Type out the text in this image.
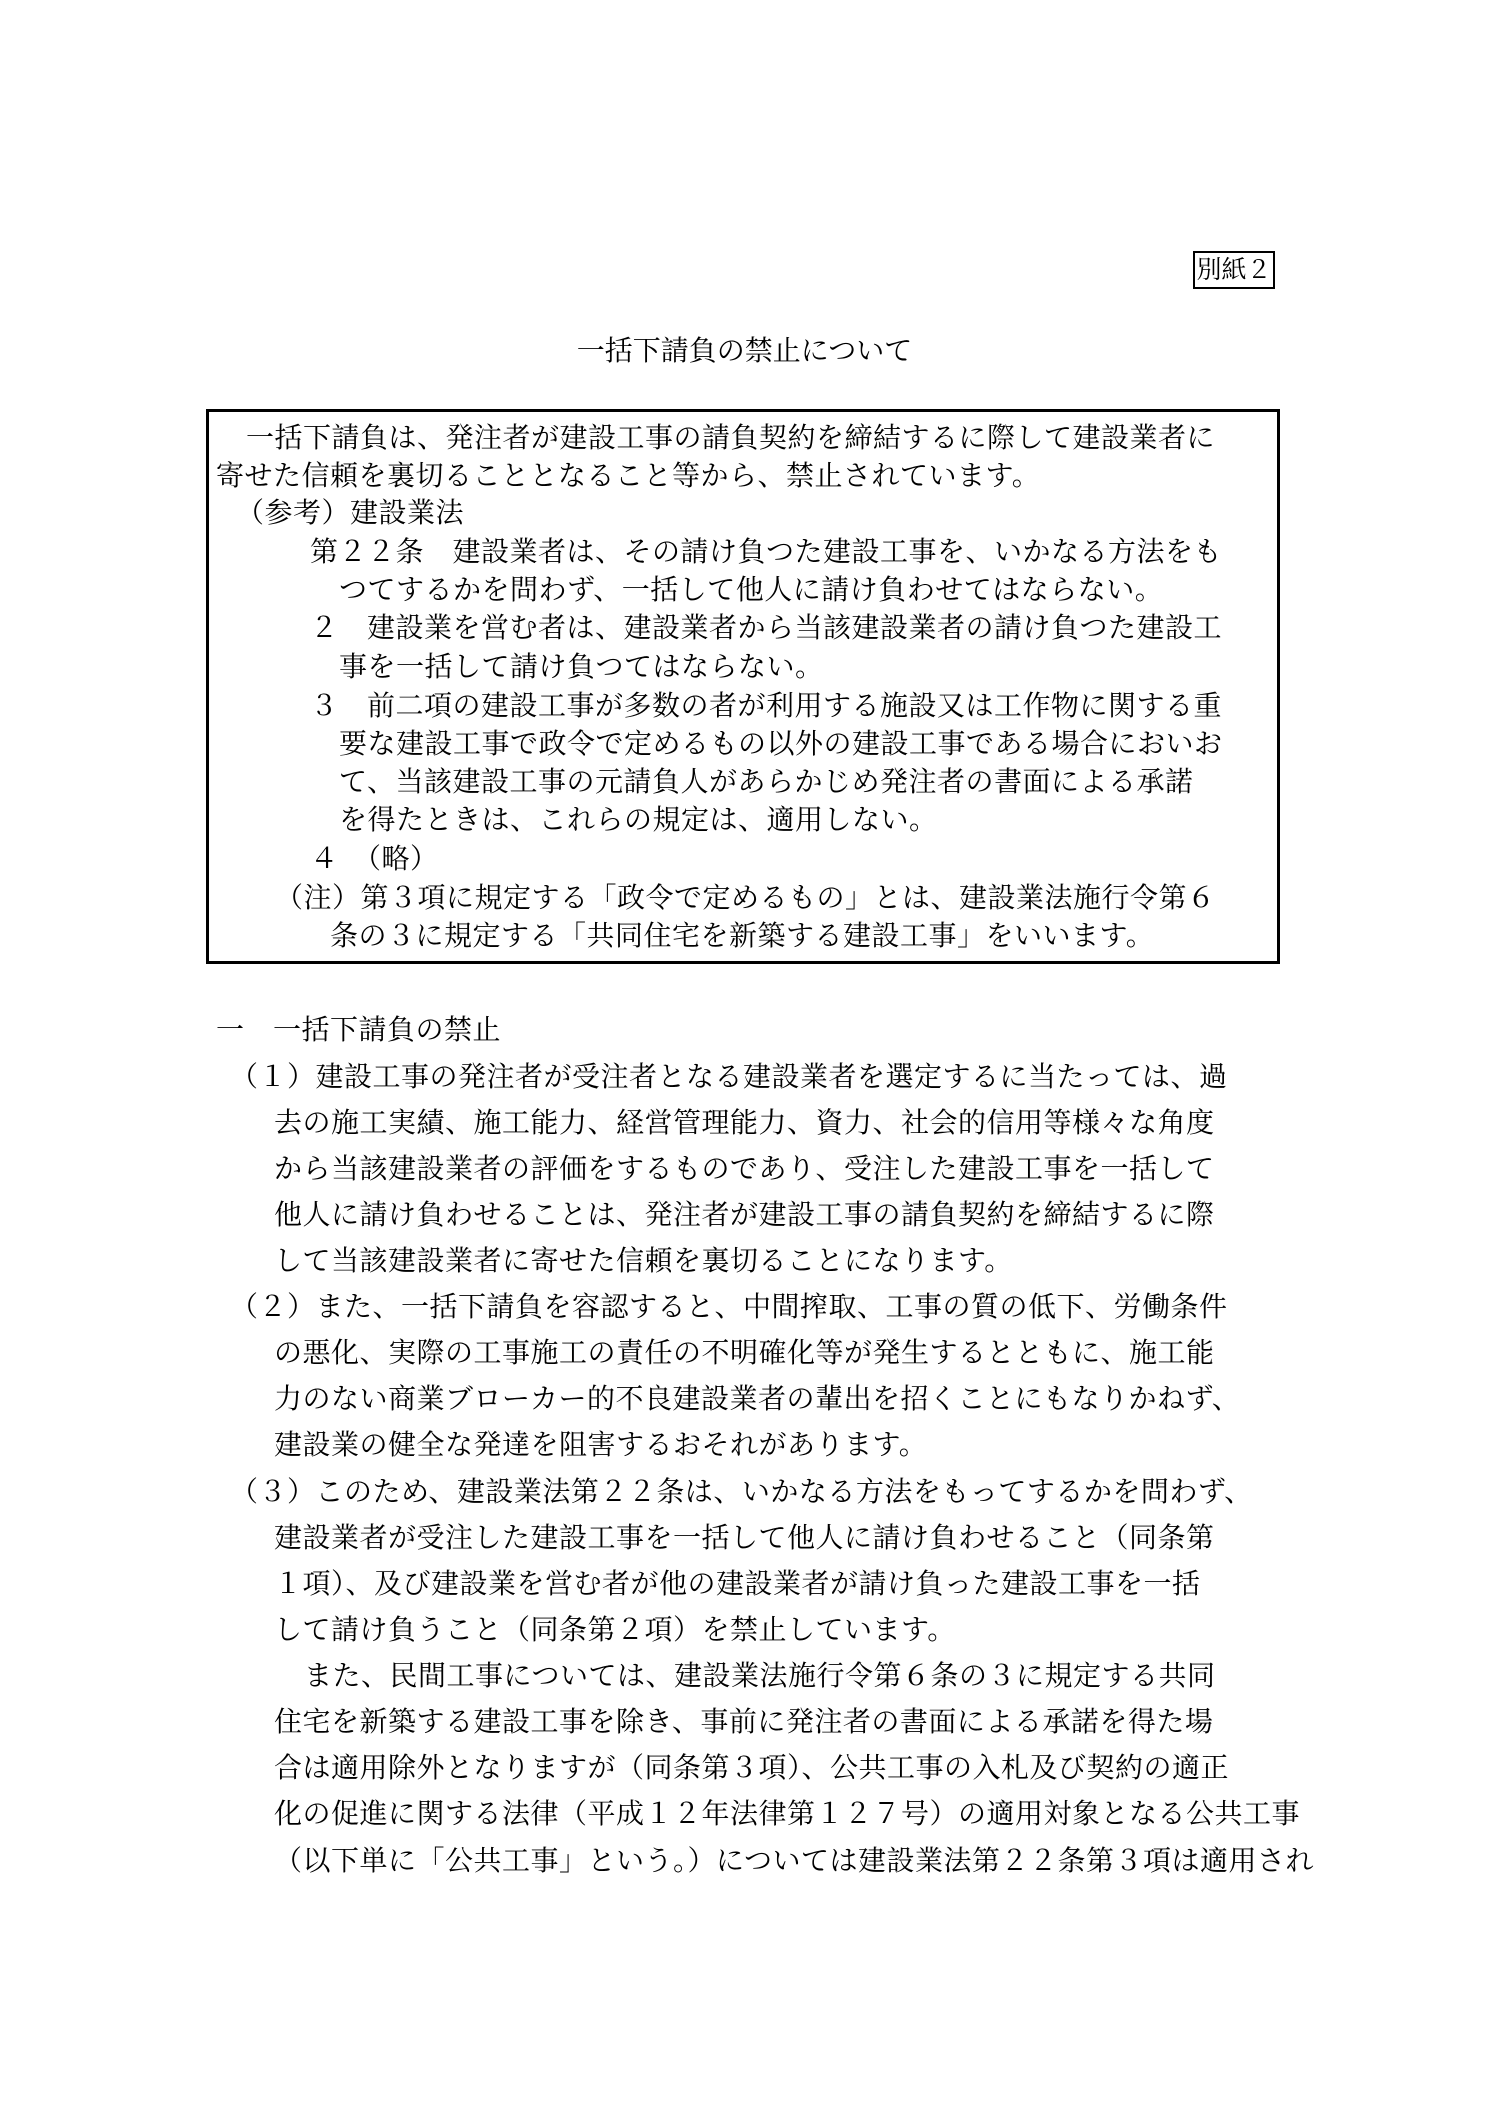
別紙２
一括下請負の禁止について
一括下請負は、発注者が建設工事の請負契約を締結するに際して建設業者に
寄せた信頼を裏切ることとなること等から、禁止されています。
（参考）建設業法
第２２条　建設業者は、その請け負つた建設工事を、いかなる方法をも
つてするかを問わず、一括して他人に請け負わせてはならない。
２　建設業を営む者は、建設業者から当該建設業者の請け負つた建設工
事を一括して請け負つてはならない。
３　前二項の建設工事が多数の者が利用する施設又は工作物に関する重
要な建設工事で政令で定めるもの以外の建設工事である場合においお
て、当該建設工事の元請負人があらかじめ発注者の書面による承諾
を得たときは、これらの規定は、適用しない。
４　（略）
（注）第３項に規定する「政令で定めるもの」とは、建設業法施行令第６
条の３に規定する「共同住宅を新築する建設工事」をいいます。
一　一括下請負の禁止
（１）建設工事の発注者が受注者となる建設業者を選定するに当たっては、過
去の施工実績、施工能力、経営管理能力、資力、社会的信用等様々な角度
から当該建設業者の評価をするものであり、受注した建設工事を一括して
他人に請け負わせることは、発注者が建設工事の請負契約を締結するに際
して当該建設業者に寄せた信頼を裏切ることになります。
（２）また、一括下請負を容認すると、中間搾取、工事の質の低下、労働条件
の悪化、実際の工事施工の責任の不明確化等が発生するとともに、施工能
力のない商業ブローカー的不良建設業者の輩出を招くことにもなりかねず、
建設業の健全な発達を阻害するおそれがあります。
（３）このため、建設業法第２２条は、いかなる方法をもってするかを問わず、
建設業者が受注した建設工事を一括して他人に請け負わせること（同条第
１項）、及び建設業を営む者が他の建設業者が請け負った建設工事を一括
して請け負うこと（同条第２項）を禁止しています。
また、民間工事については、建設業法施行令第６条の３に規定する共同
住宅を新築する建設工事を除き、事前に発注者の書面による承諾を得た場
合は適用除外となりますが（同条第３項）、公共工事の入札及び契約の適正
化の促進に関する法律（平成１２年法律第１２７号）の適用対象となる公共工事
（以下単に「公共工事」という。）については建設業法第２２条第３項は適用され
